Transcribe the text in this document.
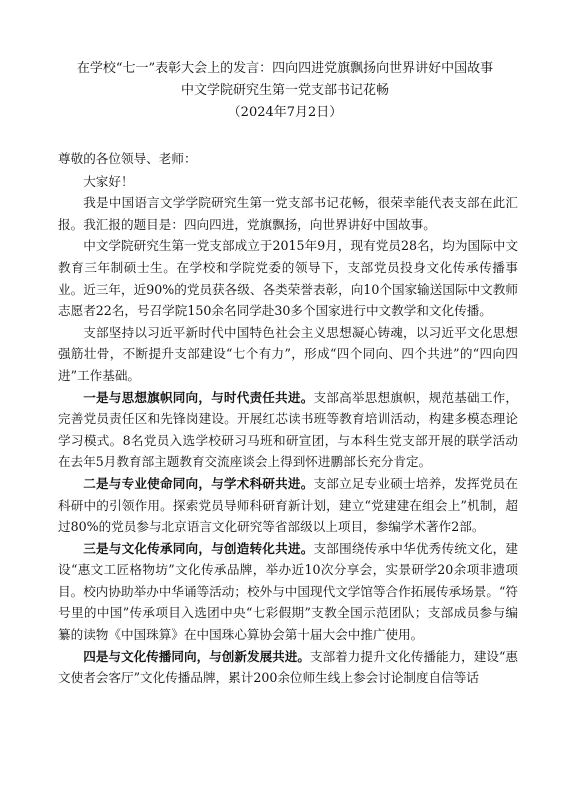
在学校“七一”表彰大会上的发言：四向四进党旗飘扬向世界讲好中国故事
中文学院研究生第一党支部书记花畅
（2024年7月2日）

尊敬的各位领导、老师：

大家好！

我是中国语言文学学院研究生第一党支部书记花畅，很荣幸能代表支部在此汇报。我汇报的题目是：四向四进，党旗飘扬，向世界讲好中国故事。

中文学院研究生第一党支部成立于2015年9月，现有党员28名，均为国际中文教育三年制硕士生。在学校和学院党委的领导下，支部党员投身文化传承传播事业。近三年，近90%的党员获各级、各类荣誉表彰，向10个国家输送国际中文教师志愿者22名，号召学院150余名同学赴30多个国家进行中文教学和文化传播。

支部坚持以习近平新时代中国特色社会主义思想凝心铸魂，以习近平文化思想强筋壮骨，不断提升支部建设“七个有力”，形成“四个同向、四个共进”的“四向四进”工作基础。

一是与思想旗帜同向，与时代责任共进。支部高举思想旗帜，规范基础工作，完善党员责任区和先锋岗建设。开展红芯读书班等教育培训活动，构建多模态理论学习模式。8名党员入选学校研习马班和研宣团，与本科生党支部开展的联学活动在去年5月教育部主题教育交流座谈会上得到怀进鹏部长充分肯定。

二是与专业使命同向，与学术科研共进。支部立足专业硕士培养，发挥党员在科研中的引领作用。探索党员导师科研育新计划，建立“党建建在组会上”机制，超过80%的党员参与北京语言文化研究等省部级以上项目，参编学术著作2部。

三是与文化传承同向，与创造转化共进。支部围绕传承中华优秀传统文化，建设“惠文工匠格物坊”文化传承品牌，举办近10次分享会，实景研学20余项非遗项目。校内协助举办中华诵等活动；校外与中国现代文学馆等合作拓展传承场景。“符号里的中国”传承项目入选团中央“七彩假期”支教全国示范团队；支部成员参与编纂的读物《中国珠算》在中国珠心算协会第十届大会中推广使用。

四是与文化传播同向，与创新发展共进。支部着力提升文化传播能力，建设“惠文使者会客厅”文化传播品牌，累计200余位师生线上参会讨论制度自信等话
